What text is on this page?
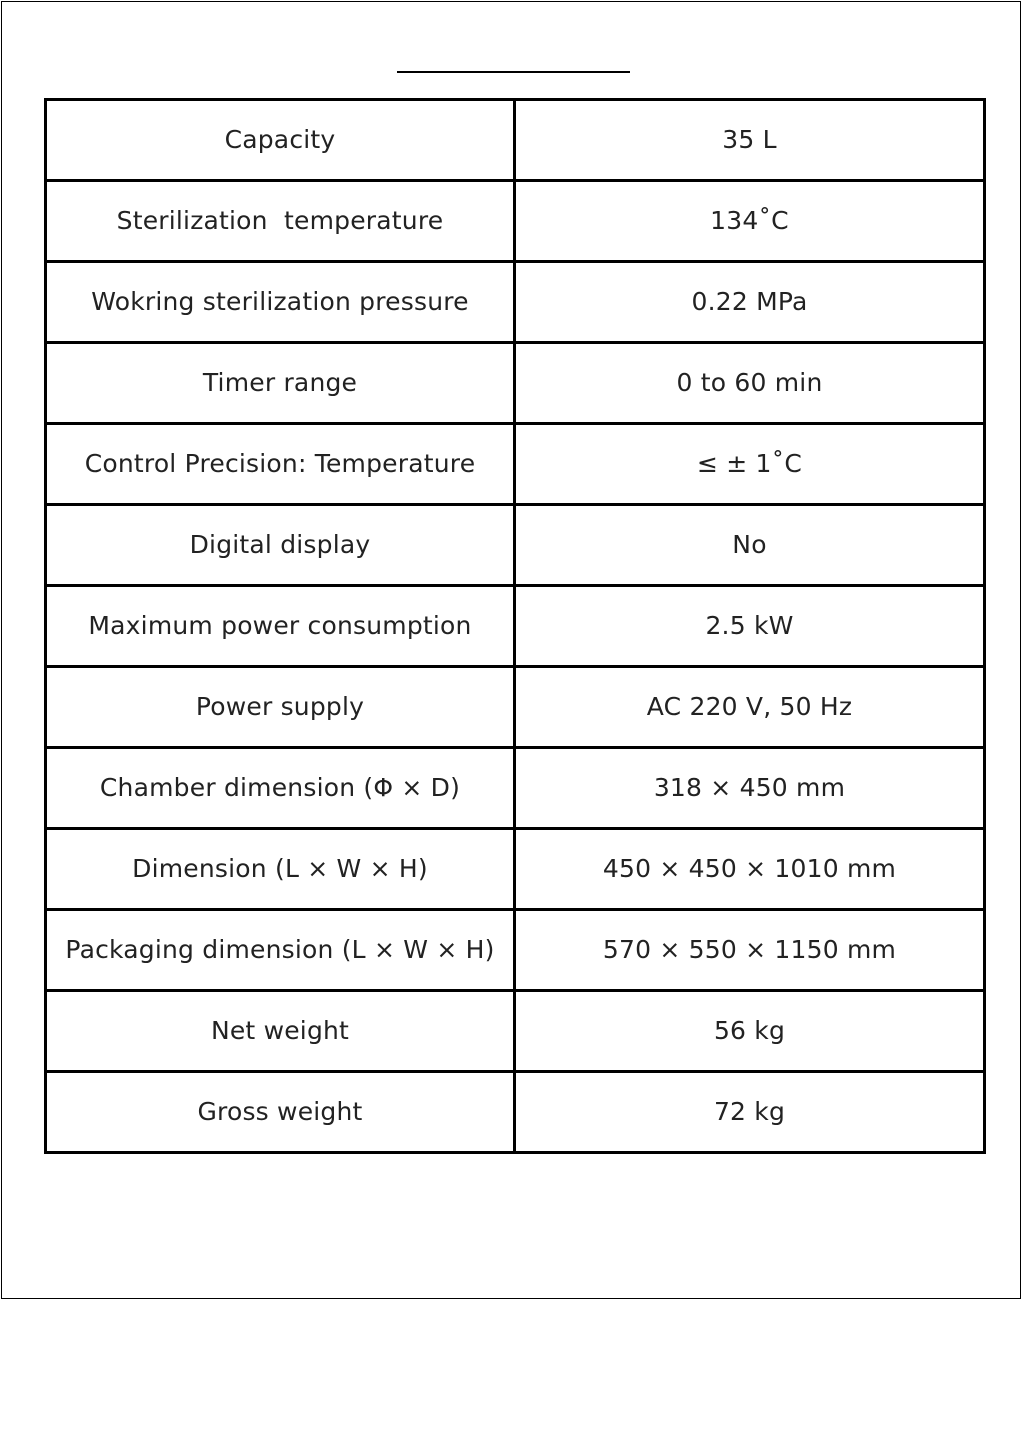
Capacity	35 L
Sterilization  temperature	134˚C
Wokring sterilization pressure	0.22 MPa
Timer range	0 to 60 min
Control Precision: Temperature	≤ ± 1˚C
Digital display	No
Maximum power consumption	2.5 kW
Power supply	AC 220 V, 50 Hz
Chamber dimension (Φ × D)	318 × 450 mm
Dimension (L × W × H)	450 × 450 × 1010 mm
Packaging dimension (L × W × H)	570 × 550 × 1150 mm
Net weight	56 kg
Gross weight	72 kg
